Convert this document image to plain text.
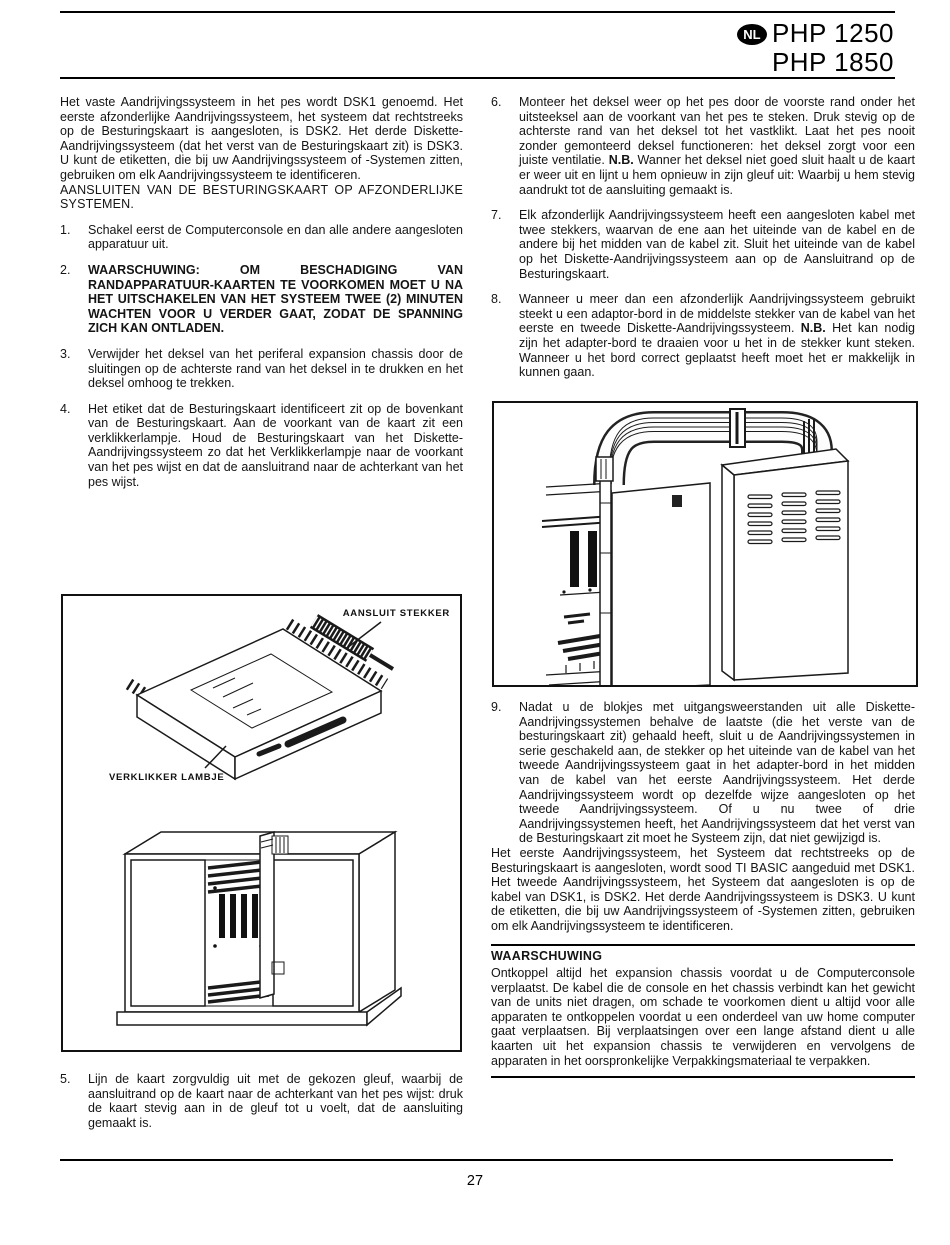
NL PHP 1250
PHP 1850

Het vaste Aandrijvingssysteem in het pes wordt DSK1 genoemd. Het eerste afzonderlijke Aandrijvingssysteem, het systeem dat rechtstreeks op de Besturingskaart is aangesloten, is DSK2. Het derde Diskette-Aandrijvingssysteem (dat het verst van de Besturingskaart zit) is DSK3. U kunt de etiketten, die bij uw Aandrijvingssysteem of -Systemen zitten, gebruiken om elk Aandrijvingssysteem te identificeren.

AANSLUITEN VAN DE BESTURINGSKAART OP AFZONDERLIJKE SYSTEMEN.

1.	Schakel eerst de Computerconsole en dan alle andere aangesloten apparatuur uit.
2.	WAARSCHUWING: OM BESCHADIGING VAN RANDAPPARATUUR-KAARTEN TE VOORKOMEN MOET U NA HET UITSCHAKELEN VAN HET SYSTEEM TWEE (2) MINUTEN WACHTEN VOOR U VERDER GAAT, ZODAT DE SPANNING ZICH KAN ONTLADEN.
3.	Verwijder het deksel van het periferal expansion chassis door de sluitingen op de achterste rand van het deksel in te drukken en het deksel omhoog te trekken.
4.	Het etiket dat de Besturingskaart identificeert zit op de bovenkant van de Besturingskaart. Aan de voorkant van de kaart zit een verklikkerlampje. Houd de Besturingskaart van het Diskette-Aandrijvingssysteem zo dat het Verklikkerlampje naar de voorkant van het pes wijst en dat de aansluitrand naar de achterkant van het pes wijst.
AANSLUIT STEKKER
VERKLIKKER LAMBJE
5.	Lijn de kaart zorgvuldig uit met de gekozen gleuf, waarbij de aansluitrand op de kaart naar de achterkant van het pes wijst: druk de kaart stevig aan in de gleuf tot u voelt, dat de aansluiting gemaakt is.
6.	Monteer het deksel weer op het pes door de voorste rand onder het uitsteeksel aan de voorkant van het pes te steken. Druk stevig op de achterste rand van het deksel tot het vastklikt. Laat het pes nooit zonder gemonteerd deksel functioneren: het deksel zorgt voor een juiste ventilatie. N.B. Wanner het deksel niet goed sluit haalt u de kaart er weer uit en lijnt u hem opnieuw in zijn gleuf uit: Waarbij u hem stevig aandrukt tot de aansluiting gemaakt is.
7.	Elk afzonderlijk Aandrijvingssysteem heeft een aangesloten kabel met twee stekkers, waarvan de ene aan het uiteinde van de kabel en de andere bij het midden van de kabel zit. Sluit het uiteinde van de kabel op het Diskette-Aandrijvingssysteem aan op de Aansluitrand op de Besturingskaart.
8.	Wanneer u meer dan een afzonderlijk Aandrijvingssysteem gebruikt steekt u een adaptor-bord in de middelste stekker van de kabel van het eerste en tweede Diskette-Aandrijvingssysteem. N.B. Het kan nodig zijn het adapter-bord te draaien voor u het in de stekker kunt steken. Wanneer u het bord correct geplaatst heeft moet het er makkelijk in kunnen gaan.
9.	Nadat u de blokjes met uitgangsweerstanden uit alle Diskette-Aandrijvingssystemen behalve de laatste (die het verste van de besturingskaart zit) gehaald heeft, sluit u de Aandrijvingssystemen in serie geschakeld aan, de stekker op het uiteinde van de kabel van het tweede Aandrijvingssysteem gaat in het adapter-bord in het midden van de kabel van het eerste Aandrijvingssysteem. Het derde Aandrijvingssysteem wordt op dezelfde wijze aangesloten op het tweede Aandrijvingssysteem. Of u nu twee of drie Aandrijvingssystemen heeft, het Aandrijvingssysteem dat het verst van de Besturingskaart zit moet he Systeem zijn, dat niet gewijzigd is.

Het eerste Aandrijvingssysteem, het Systeem dat rechtstreeks op de Besturingskaart is aangesloten, wordt sood TI BASIC aangeduid met DSK1. Het tweede Aandrijvingssysteem, het Systeem dat aangesloten is op de kabel van DSK1, is DSK2. Het derde Aandrijvingssysteem is DSK3. U kunt de etiketten, die bij uw Aandrijvingssysteem of -Systemen zitten, gebruiken om elk Aandrijvingssysteem te identificeren.

WAARSCHUWING

Ontkoppel altijd het expansion chassis voordat u de Computerconsole verplaatst. De kabel die de console en het chassis verbindt kan het gewicht van de units niet dragen, om schade te voorkomen dient u altijd voor alle apparaten te ontkoppelen voordat u een onderdeel van uw home computer gaat verplaatsen. Bij verplaatsingen over een lange afstand dient u alle kaarten uit het expansion chassis te verwijderen en vervolgens de apparaten in het oorspronkelijke Verpakkingsmateriaal te verpakken.

27
